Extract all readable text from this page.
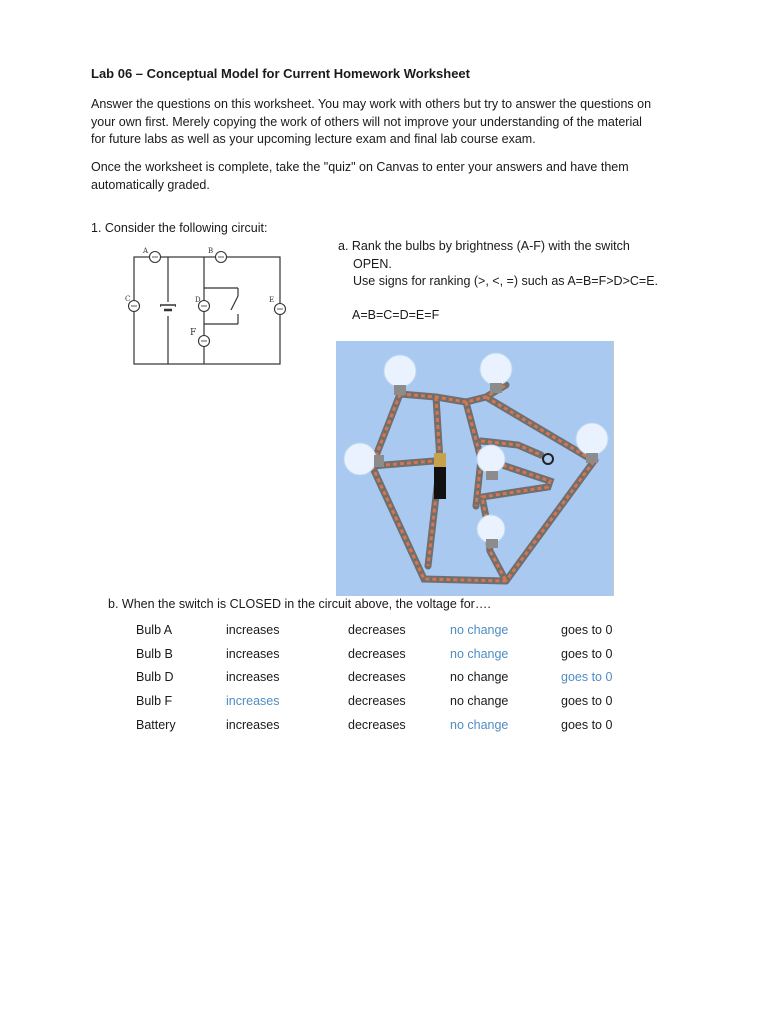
Lab 06 – Conceptual Model for Current Homework Worksheet
Answer the questions on this worksheet. You may work with others but try to answer the questions on
your own first. Merely copying the work of others will not improve your understanding of the material
for future labs as well as your upcoming lecture exam and final lab course exam.
Once the worksheet is complete, take the "quiz" on Canvas to enter your answers and have them
automatically graded.
1. Consider the following circuit:
A	B
C	D	E
F
a. Rank the bulbs by brightness (A-F) with the switch
OPEN.
Use signs for ranking (>, <, =) such as A=B=F>D>C=E.
A=B=C=D=E=F
b. When the switch is CLOSED in the circuit above, the voltage for….
Bulb A	increases	decreases	no change	goes to 0
Bulb B	increases	decreases	no change	goes to 0
Bulb D	increases	decreases	no change	goes to 0
Bulb F	increases	decreases	no change	goes to 0
Battery	increases	decreases	no change	goes to 0
